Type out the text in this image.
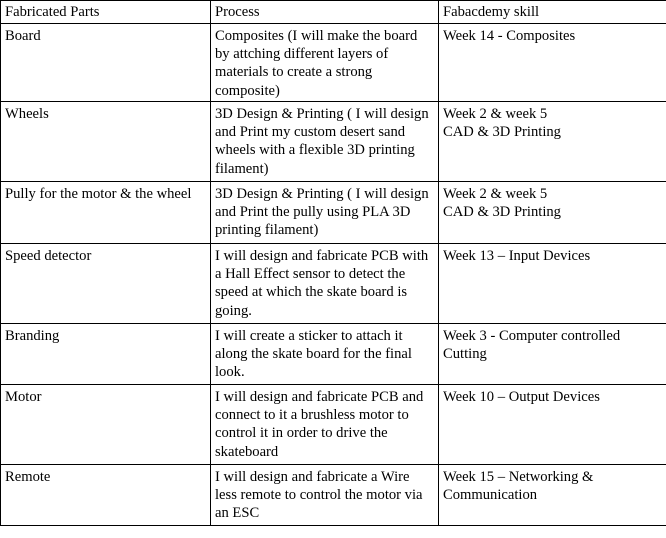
Fabricated Parts	Process	Fabacdemy skill
Board	Composites (I will make the board by attching different layers of materials to create a strong composite)	Week 14 - Composites

Wheels	3D Design & Printing ( I will design and Print my custom desert sand wheels with a flexible 3D printing filament)	Week 2 & week 5
CAD & 3D Printing

Pully for the motor & the wheel	3D Design & Printing ( I will design and Print the pully using PLA 3D printing filament)	Week 2 & week 5
CAD & 3D Printing

Speed detector	I will design and fabricate PCB with a Hall Effect sensor to detect the speed at which the skate board is going.	Week 13 – Input Devices

Branding	I will create a sticker to attach it along the skate board for the final look.	Week 3 - Computer controlled Cutting

Motor	I will design and fabricate PCB and connect to it a brushless motor to control it in order to drive the skateboard	Week 10 – Output Devices

Remote	I will design and fabricate a Wire less remote to control the motor via an ESC	Week 15 – Networking & Communication
